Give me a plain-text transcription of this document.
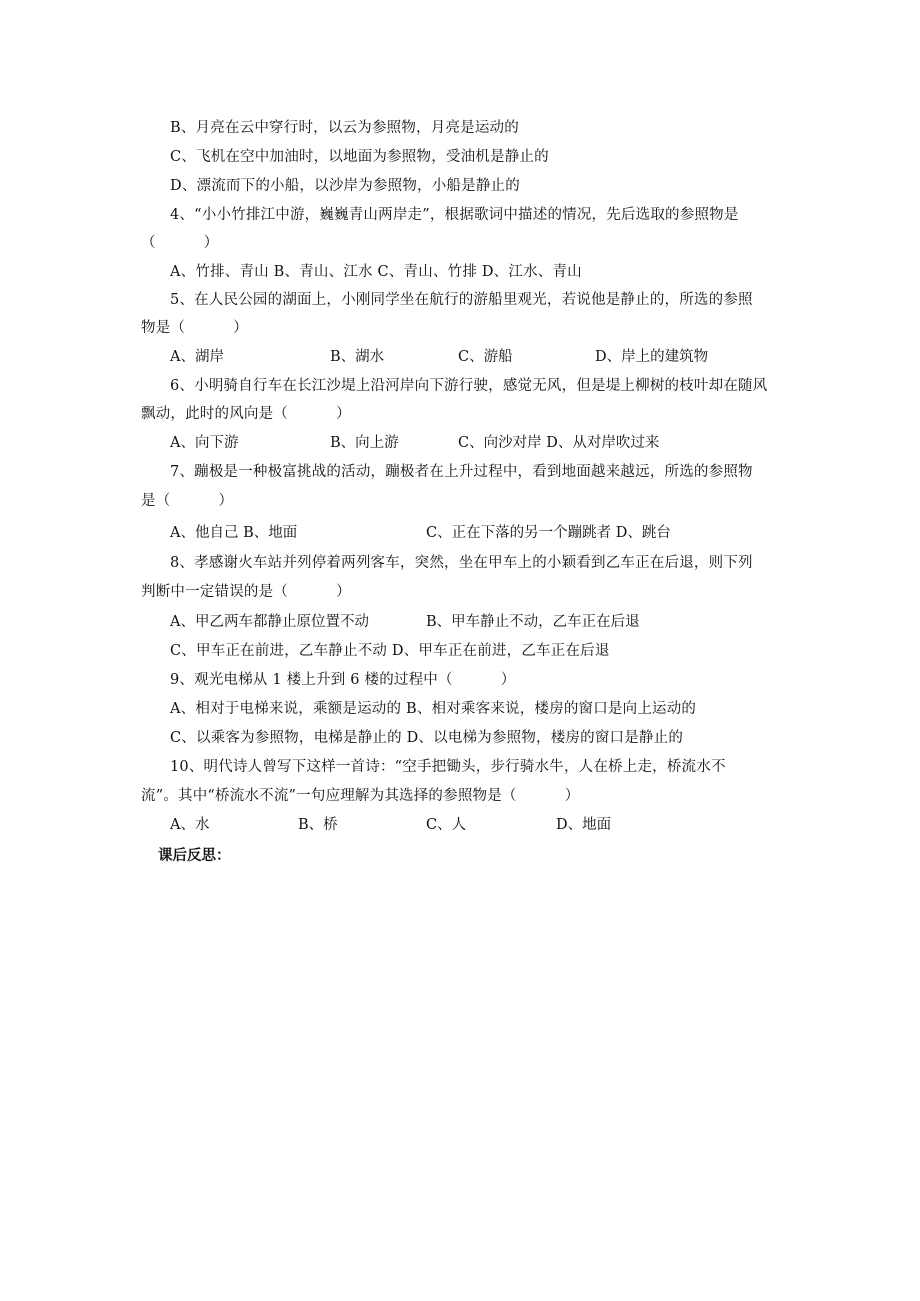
B、月亮在云中穿行时，以云为参照物，月亮是运动的
C、飞机在空中加油时，以地面为参照物，受油机是静止的
D、漂流而下的小船，以沙岸为参照物，小船是静止的
4、“小小竹排江中游，巍巍青山两岸走”，根据歌词中描述的情况，先后选取的参照物是
（          ）
A、竹排、青山 B、青山、江水 C、青山、竹排 D、江水、青山
5、在人民公园的湖面上，小刚同学坐在航行的游船里观光，若说他是静止的，所选的参照
物是（          ）

A、湖岸

	B、湖水

	C、游船

	D、岸上的建筑物

6、小明骑自行车在长江沙堤上沿河岸向下游行驶，感觉无风，但是堤上柳树的枝叶却在随风
飘动，此时的风向是（          ）

A、向下游

	B、向上游

	C、向沙对岸 D、从对岸吹过来

7、蹦极是一种极富挑战的活动，蹦极者在上升过程中，看到地面越来越远，所选的参照物
是（          ）

A、他自己 B、地面

	C、正在下落的另一个蹦跳者 D、跳台

8、孝感谢火车站并列停着两列客车，突然，坐在甲车上的小颖看到乙车正在后退，则下列
判断中一定错误的是（          ）

A、甲乙两车都静止原位置不动

	B、甲车静止不动，乙车正在后退

C、甲车正在前进，乙车静止不动 D、甲车正在前进，乙车正在后退
9、观光电梯从 1 楼上升到 6 楼的过程中（          ）
A、相对于电梯来说，乘额是运动的 B、相对乘客来说，楼房的窗口是向上运动的
C、以乘客为参照物，电梯是静止的 D、以电梯为参照物，楼房的窗口是静止的
10、明代诗人曾写下这样一首诗：“空手把锄头，步行骑水牛，人在桥上走，桥流水不
流”。其中“桥流水不流”一句应理解为其选择的参照物是（          ）

A、水

	B、桥

	C、人

	D、地面

课后反思：
